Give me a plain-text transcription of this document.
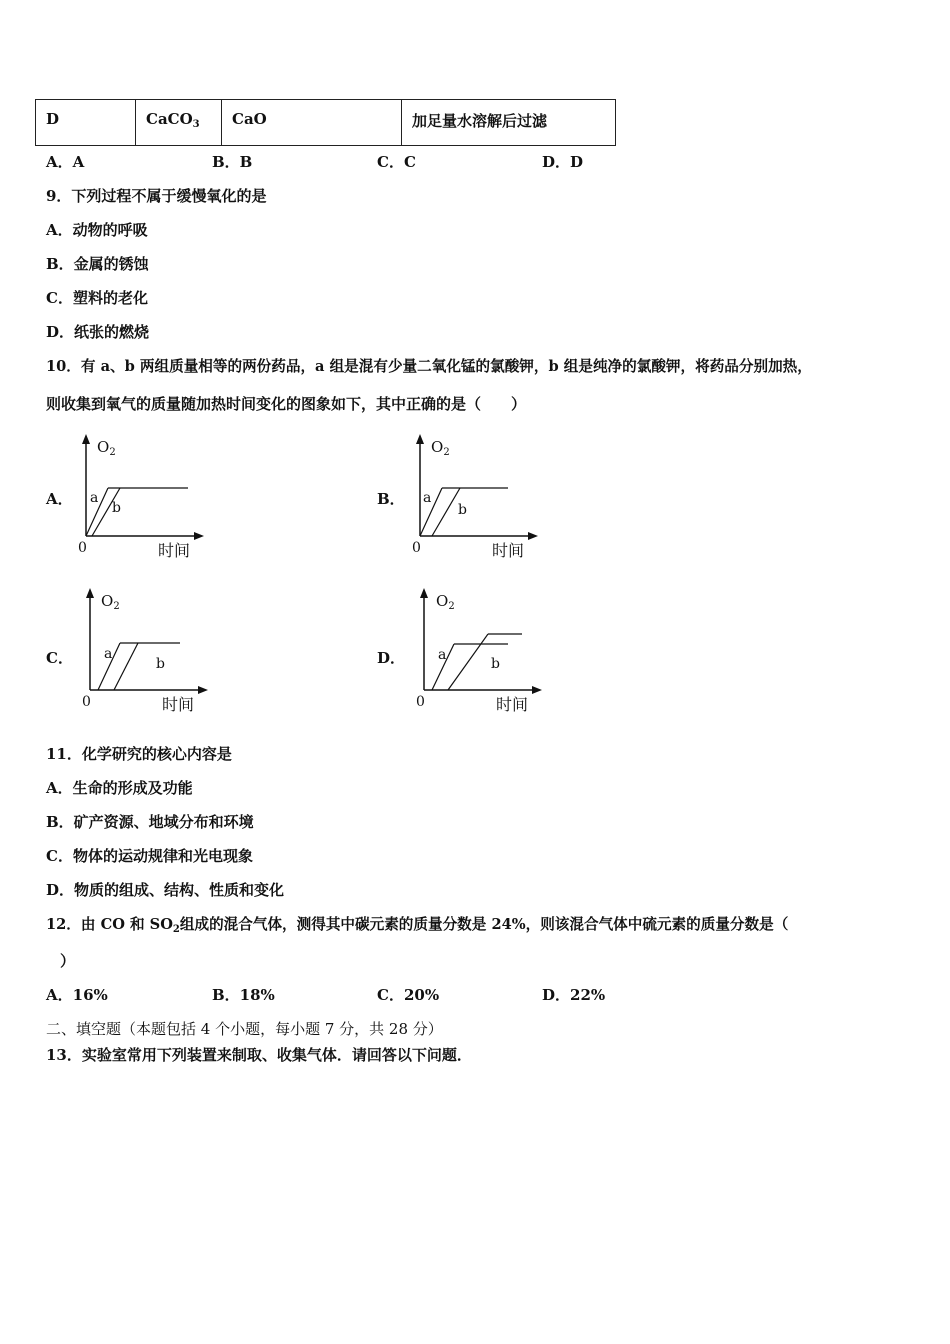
D	CaCO$_3$	CaO	加足量水溶解后过滤
A．A	B．B	C．C	D．D
9．下列过程不属于缓慢氧化的是
A．动物的呼吸
B．金属的锈蚀
C．塑料的老化
D．纸张的燃烧
10．有 a、b 两组质量相等的两份药品，a 组是混有少量二氧化锰的氯酸钾，b 组是纯净的氯酸钾，将药品分别加热，
则收集到氧气的质量随加热时间变化的图象如下，其中正确的是（　　）
A．	B．
C．	D．
$O_2$
a
b
0	时间
$O_2$
a
b
0	时间
$O_2$
a
b
0	时间
$O_2$
a
b
0	时间
11．化学研究的核心内容是
A．生命的形成及功能
B．矿产资源、地域分布和环境
C．物体的运动规律和光电现象
D．物质的组成、结构、性质和变化
12．由 CO 和 $SO_2$组成的混合气体，测得其中碳元素的质量分数是 24%，则该混合气体中硫元素的质量分数是（
）
A．16%	B．18%	C．20%	D．22%
二、填空题（本题包括 4 个小题，每小题 7 分，共 28 分）
13．实验室常用下列装置来制取、收集气体．请回答以下问题．
